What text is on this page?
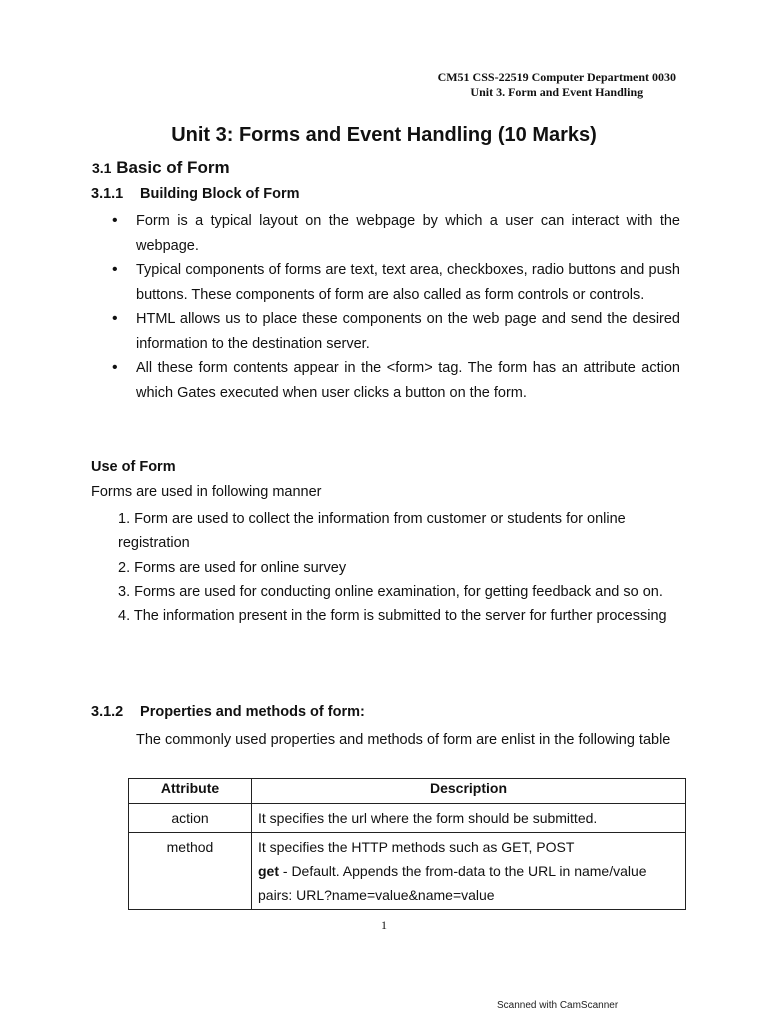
CM51 CSS-22519 Computer Department 0030
Unit 3. Form and Event Handling
Unit 3: Forms and Event Handling (10 Marks)
3.1 Basic of Form
3.1.1 Building Block of Form
• Form is a typical layout on the webpage by which a user can interact with the webpage.
• Typical components of forms are text, text area, checkboxes, radio buttons and push buttons. These components of form are also called as form controls or controls.
• HTML allows us to place these components on the web page and send the desired information to the destination server.
• All these form contents appear in the <form> tag. The form has an attribute action which Gates executed when user clicks a button on the form.
Use of Form
Forms are used in following manner
1. Form are used to collect the information from customer or students for online registration
2. Forms are used for online survey
3. Forms are used for conducting online examination, for getting feedback and so on.
4. The information present in the form is submitted to the server for further processing
3.1.2 Properties and methods of form:
The commonly used properties and methods of form are enlist in the following table
Attribute	Description
action	It specifies the url where the form should be submitted.
method	It specifies the HTTP methods such as GET, POST
get - Default. Appends the from-data to the URL in name/value pairs: URL?name=value&name=value
1
Scanned with CamScanner
